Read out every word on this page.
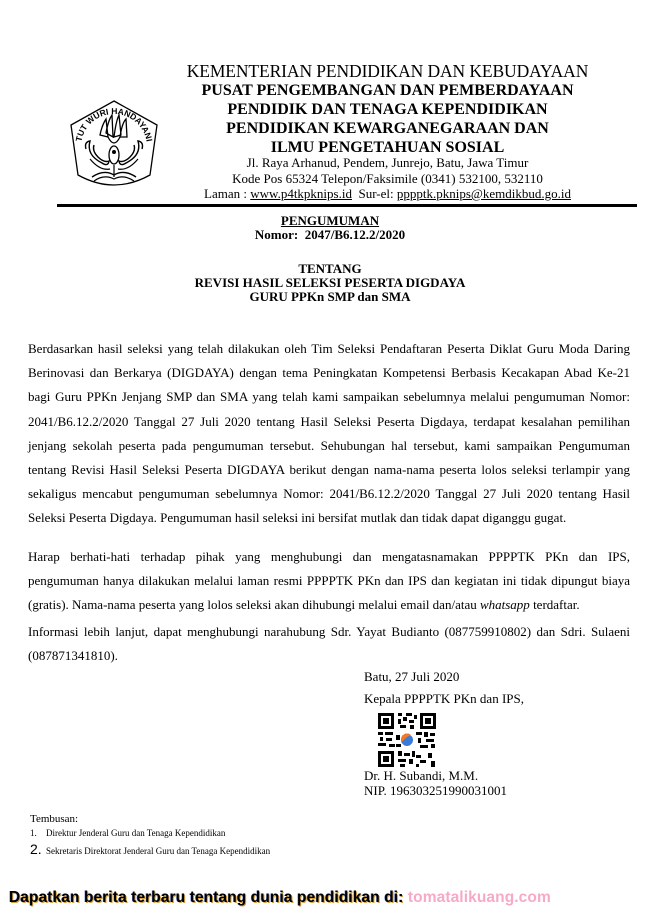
TUT WURI HANDAYANI
KEMENTERIAN PENDIDIKAN DAN KEBUDAYAAN
PUSAT PENGEMBANGAN DAN PEMBERDAYAAN
PENDIDIK DAN TENAGA KEPENDIDIKAN
PENDIDIKAN KEWARGANEGARAAN DAN
ILMU PENGETAHUAN SOSIAL
Jl. Raya Arhanud, Pendem, Junrejo, Batu, Jawa Timur
Kode Pos 65324 Telepon/Faksimile (0341) 532100, 532110
Laman : www.p4tkpknips.id  Sur-el: pppptk.pknips@kemdikbud.go.id
PENGUMUMAN
Nomor:  2047/B6.12.2/2020
TENTANG
REVISI HASIL SELEKSI PESERTA DIGDAYA
GURU PPKn SMP dan SMA
Berdasarkan hasil seleksi yang telah dilakukan oleh Tim Seleksi Pendaftaran Peserta Diklat Guru Moda Daring
Berinovasi dan Berkarya (DIGDAYA) dengan tema Peningkatan Kompetensi Berbasis Kecakapan Abad Ke-21
bagi Guru PPKn Jenjang SMP dan SMA yang telah kami sampaikan sebelumnya melalui pengumuman Nomor:
2041/B6.12.2/2020 Tanggal 27 Juli 2020 tentang Hasil Seleksi Peserta Digdaya, terdapat kesalahan pemilihan
jenjang sekolah peserta pada pengumuman tersebut. Sehubungan hal tersebut, kami sampaikan Pengumuman
tentang Revisi Hasil Seleksi Peserta DIGDAYA berikut dengan nama-nama peserta lolos seleksi terlampir yang
sekaligus mencabut pengumuman sebelumnya Nomor: 2041/B6.12.2/2020 Tanggal 27 Juli 2020 tentang Hasil
Seleksi Peserta Digdaya. Pengumuman hasil seleksi ini bersifat mutlak dan tidak dapat diganggu gugat.
Harap berhati-hati terhadap pihak yang menghubungi dan mengatasnamakan PPPPTK PKn dan IPS,
pengumuman hanya dilakukan melalui laman resmi PPPPTK PKn dan IPS dan kegiatan ini tidak dipungut biaya
(gratis). Nama-nama peserta yang lolos seleksi akan dihubungi melalui email dan/atau whatsapp terdaftar.
Informasi lebih lanjut, dapat menghubungi narahubung Sdr. Yayat Budianto (087759910802) dan Sdri. Sulaeni
(087871341810).
Batu, 27 Juli 2020
Kepala PPPPTK PKn dan IPS,
Dr. H. Subandi, M.M.
NIP. 196303251990031001
Tembusan:
1. Direktur Jenderal Guru dan Tenaga Kependidikan
2. Sekretaris Direktorat Jenderal Guru dan Tenaga Kependidikan
Dapatkan berita terbaru tentang dunia pendidikan di: tomatalikuang.com
